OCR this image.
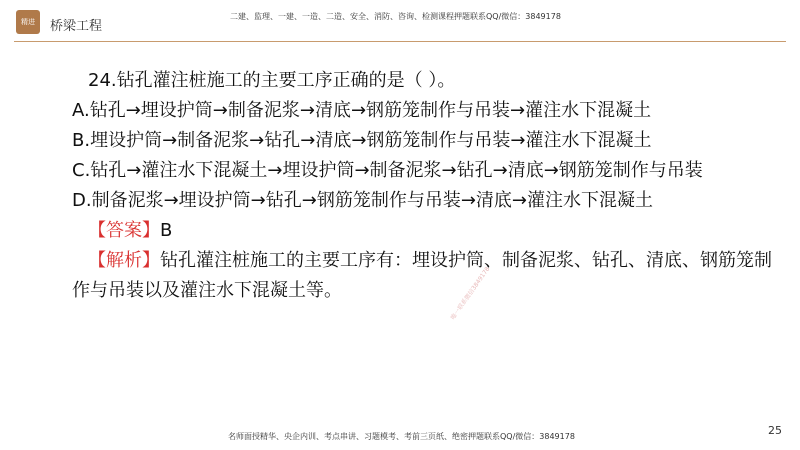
精进	桥梁工程
二建、监理、一建、一造、二造、安全、消防、咨询、检测课程押题联系QQ/微信：3849178
24.钻孔灌注桩施工的主要工序正确的是（ ）。
A.钻孔→埋设护筒→制备泥浆→清底→钢筋笼制作与吊装→灌注水下混凝土
B.埋设护筒→制备泥浆→钻孔→清底→钢筋笼制作与吊装→灌注水下混凝土
C.钻孔→灌注水下混凝土→埋设护筒→制备泥浆→钻孔→清底→钢筋笼制作与吊装
D.制备泥浆→埋设护筒→钻孔→钢筋笼制作与吊装→清底→灌注水下混凝土
【答案】B
【解析】钻孔灌注桩施工的主要工序有：埋设护筒、制备泥浆、钻孔、清底、钢筋笼制作与吊装以及灌注水下混凝土等。	唯一联系微信3849178
25
名师面授精华、央企内训、考点串讲、习题模考、考前三页纸、绝密押题联系QQ/微信：3849178
